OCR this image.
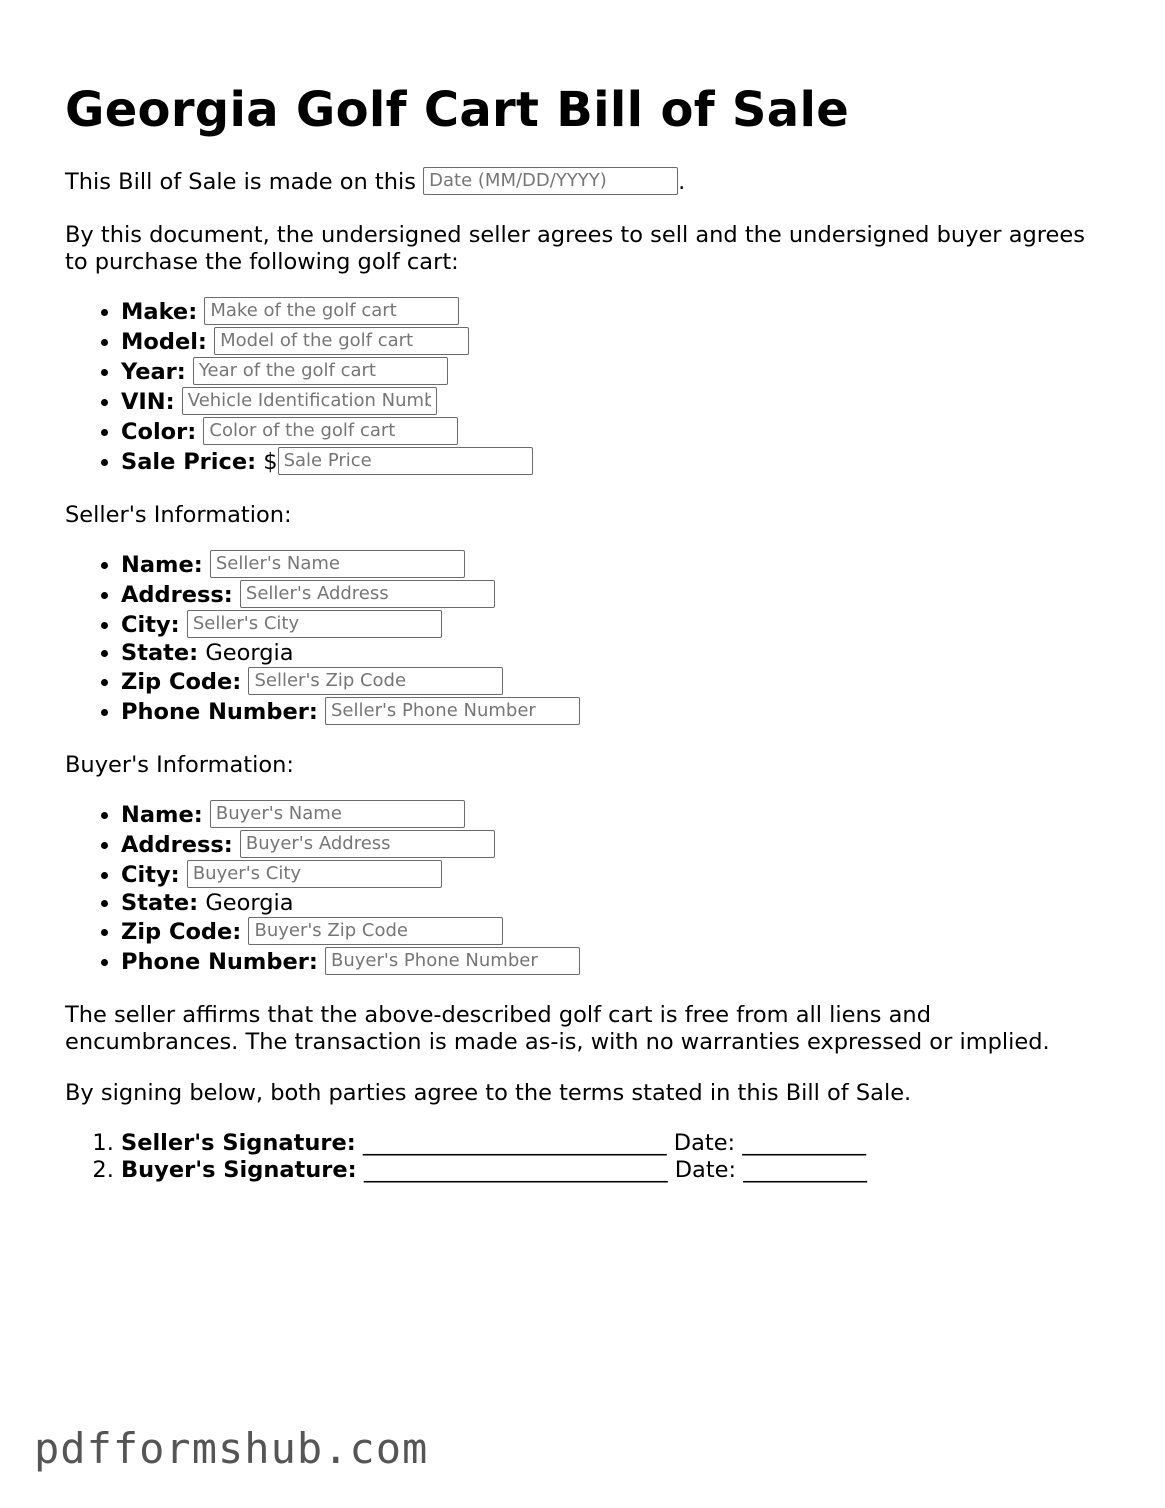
Georgia Golf Cart Bill of Sale
This Bill of Sale is made on this Date (MM/DD/YYYY)	.
By this document, the undersigned seller agrees to sell and the undersigned buyer agrees to purchase the following golf cart:
• Make: Make of the golf cart
• Model: Model of the golf cart
• Year: Year of the golf cart
• VIN: Vehicle Identification Number
• Color: Color of the golf cart
• Sale Price: $Sale Price
Seller's Information:
• Name: Seller's Name
• Address: Seller's Address
• City: Seller's City
• State: Georgia
• Zip Code: Seller's Zip Code
• Phone Number: Seller's Phone Number
Buyer's Information:
• Name: Buyer's Name
• Address: Buyer's Address
• City: Buyer's City
• State: Georgia
• Zip Code: Buyer's Zip Code
• Phone Number: Buyer's Phone Number
The seller affirms that the above-described golf cart is free from all liens and encumbrances. The transaction is made as-is, with no warranties expressed or implied.
By signing below, both parties agree to the terms stated in this Bill of Sale.
1. Seller's Signature: ___________________________ Date: ___________
2. Buyer's Signature: ___________________________ Date: ___________
pdfformshub.com
